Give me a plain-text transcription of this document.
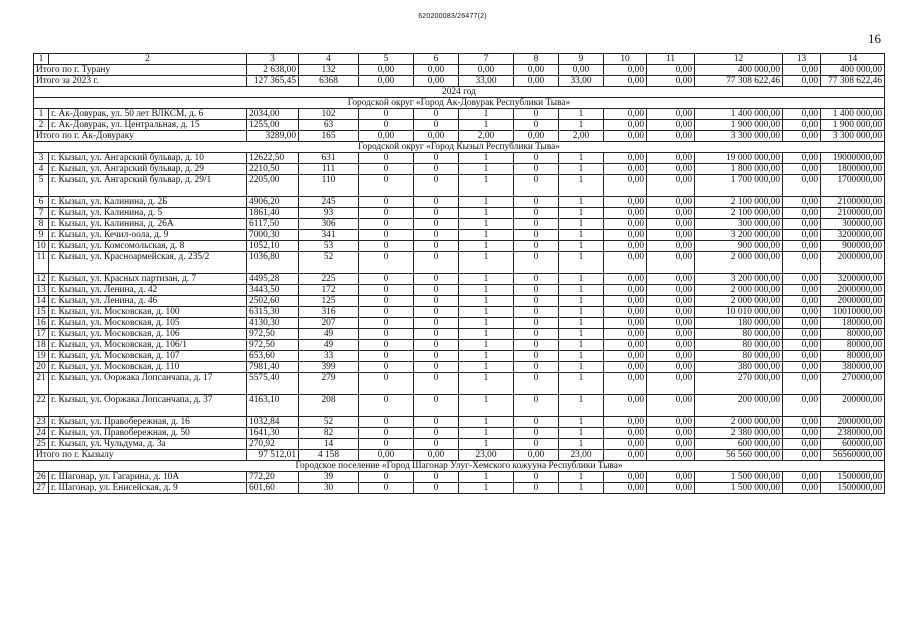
620200083/26477(2)
16
1	2	3	4	5	6	7	8	9	10	11	12	13	14
Итого по г. Турану		2 638,00	132	0,00	0,00	0,00	0,00	0,00	0,00	0,00	400 000,00	0,00	400 000,00
Итого за 2023 г.		127 365,45	6368	0,00	0,00	33,00	0,00	33,00	0,00	0,00	77 308 622,46	0,00	77 308 622,46
2024 год													
Городской округ «Город Ак-Довурак Республики Тыва»													
1	г. Ак-Довурак, ул. 50 лет ВЛКСМ, д. 6	2034,00	102	0	0	1	0	1	0,00	0,00	1 400 000,00	0,00	1 400 000,00
2	г. Ак-Довурак, ул. Центральная, д. 15	1255,00	63	0	0	1	0	1	0,00	0,00	1 900 000,00	0,00	1 900 000,00
Итого по г. Ак-Довураку		3289,00	165	0,00	0,00	2,00	0,00	2,00	0,00	0,00	3 300 000,00	0,00	3 300 000,00
Городской округ «Город Кызыл Республики Тыва»													
3	г. Кызыл, ул. Ангарский бульвар, д. 10	12622,50	631	0	0	1	0	1	0,00	0,00	19 000 000,00	0,00	19000000,00
4	г. Кызыл, ул. Ангарский бульвар, д. 29	2210,50	111	0	0	1	0	1	0,00	0,00	1 800 000,00	0,00	1800000,00
5	г. Кызыл, ул. Ангарский бульвар, д. 29/1	2205,00	110	0	0	1	0	1	0,00	0,00	1 700 000,00	0,00	1700000,00
6	г. Кызыл, ул. Калинина, д. 2Б	4906,20	245	0	0	1	0	1	0,00	0,00	2 100 000,00	0,00	2100000,00
7	г. Кызыл, ул. Калинина, д. 5	1861,40	93	0	0	1	0	1	0,00	0,00	2 100 000,00	0,00	2100000,00
8	г. Кызыл, ул. Калинина, д. 26А	6117,50	306	0	0	1	0	1	0,00	0,00	300 000,00	0,00	300000,00
9	г. Кызыл, ул. Кечил-оола, д. 9	7000,30	341	0	0	1	0	1	0,00	0,00	3 200 000,00	0,00	3200000,00
10	г. Кызыл, ул. Комсомольская, д. 8	1052,10	53	0	0	1	0	1	0,00	0,00	900 000,00	0,00	900000,00
11	г. Кызыл, ул. Красноармейская, д. 235/2	1036,80	52	0	0	1	0	1	0,00	0,00	2 000 000,00	0,00	2000000,00
12	г. Кызыл, ул. Красных партизан, д. 7	4495,28	225	0	0	1	0	1	0,00	0,00	3 200 000,00	0,00	3200000,00
13	г. Кызыл, ул. Ленина, д. 42	3443,50	172	0	0	1	0	1	0,00	0,00	2 000 000,00	0,00	2000000,00
14	г. Кызыл, ул. Ленина, д. 46	2502,60	125	0	0	1	0	1	0,00	0,00	2 000 000,00	0,00	2000000,00
15	г. Кызыл, ул. Московская, д. 100	6315,30	316	0	0	1	0	1	0,00	0,00	10 010 000,00	0,00	10010000,00
16	г. Кызыл, ул. Московская, д. 105	4130,30	207	0	0	1	0	1	0,00	0,00	180 000,00	0,00	180000,00
17	г. Кызыл, ул. Московская, д. 106	972,50	49	0	0	1	0	1	0,00	0,00	80 000,00	0,00	80000,00
18	г. Кызыл, ул. Московская, д. 106/1	972,50	49	0	0	1	0	1	0,00	0,00	80 000,00	0,00	80000,00
19	г. Кызыл, ул. Московская, д. 107	653,60	33	0	0	1	0	1	0,00	0,00	80 000,00	0,00	80000,00
20	г. Кызыл, ул. Московская, д. 110	7981,40	399	0	0	1	0	1	0,00	0,00	380 000,00	0,00	380000,00
21	г. Кызыл, ул. Ооржака Лопсанчапа, д. 17	5575,40	279	0	0	1	0	1	0,00	0,00	270 000,00	0,00	270000,00
22	г. Кызыл, ул. Ооржака Лопсанчапа, д. 37	4163,10	208	0	0	1	0	1	0,00	0,00	200 000,00	0,00	200000,00
23	г. Кызыл, ул. Правобережная, д. 16	1032,84	52	0	0	1	0	1	0,00	0,00	2 000 000,00	0,00	2000000,00
24	г. Кызыл, ул. Правобережная, д. 50	1641,30	82	0	0	1	0	1	0,00	0,00	2 380 000,00	0,00	2380000,00
25	г. Кызыл, ул. Чульдума, д. 3а	270,92	14	0	0	1	0	1	0,00	0,00	600 000,00	0,00	600000,00
Итого по г. Кызылу		97 512,01	4 158	0,00	0,00	23,00	0,00	23,00	0,00	0,00	56 560 000,00	0,00	56560000,00
Городское поселение «Город Шагонар Улуг-Хемского кожууна Республики Тыва»													
26	г. Шагонар, ул. Гагарина, д. 10А	772,20	39	0	0	1	0	1	0,00	0,00	1 500 000,00	0,00	1500000,00
27	г. Шагонар, ул. Енисейская, д. 9	601,60	30	0	0	1	0	1	0,00	0,00	1 500 000,00	0,00	1500000,00
